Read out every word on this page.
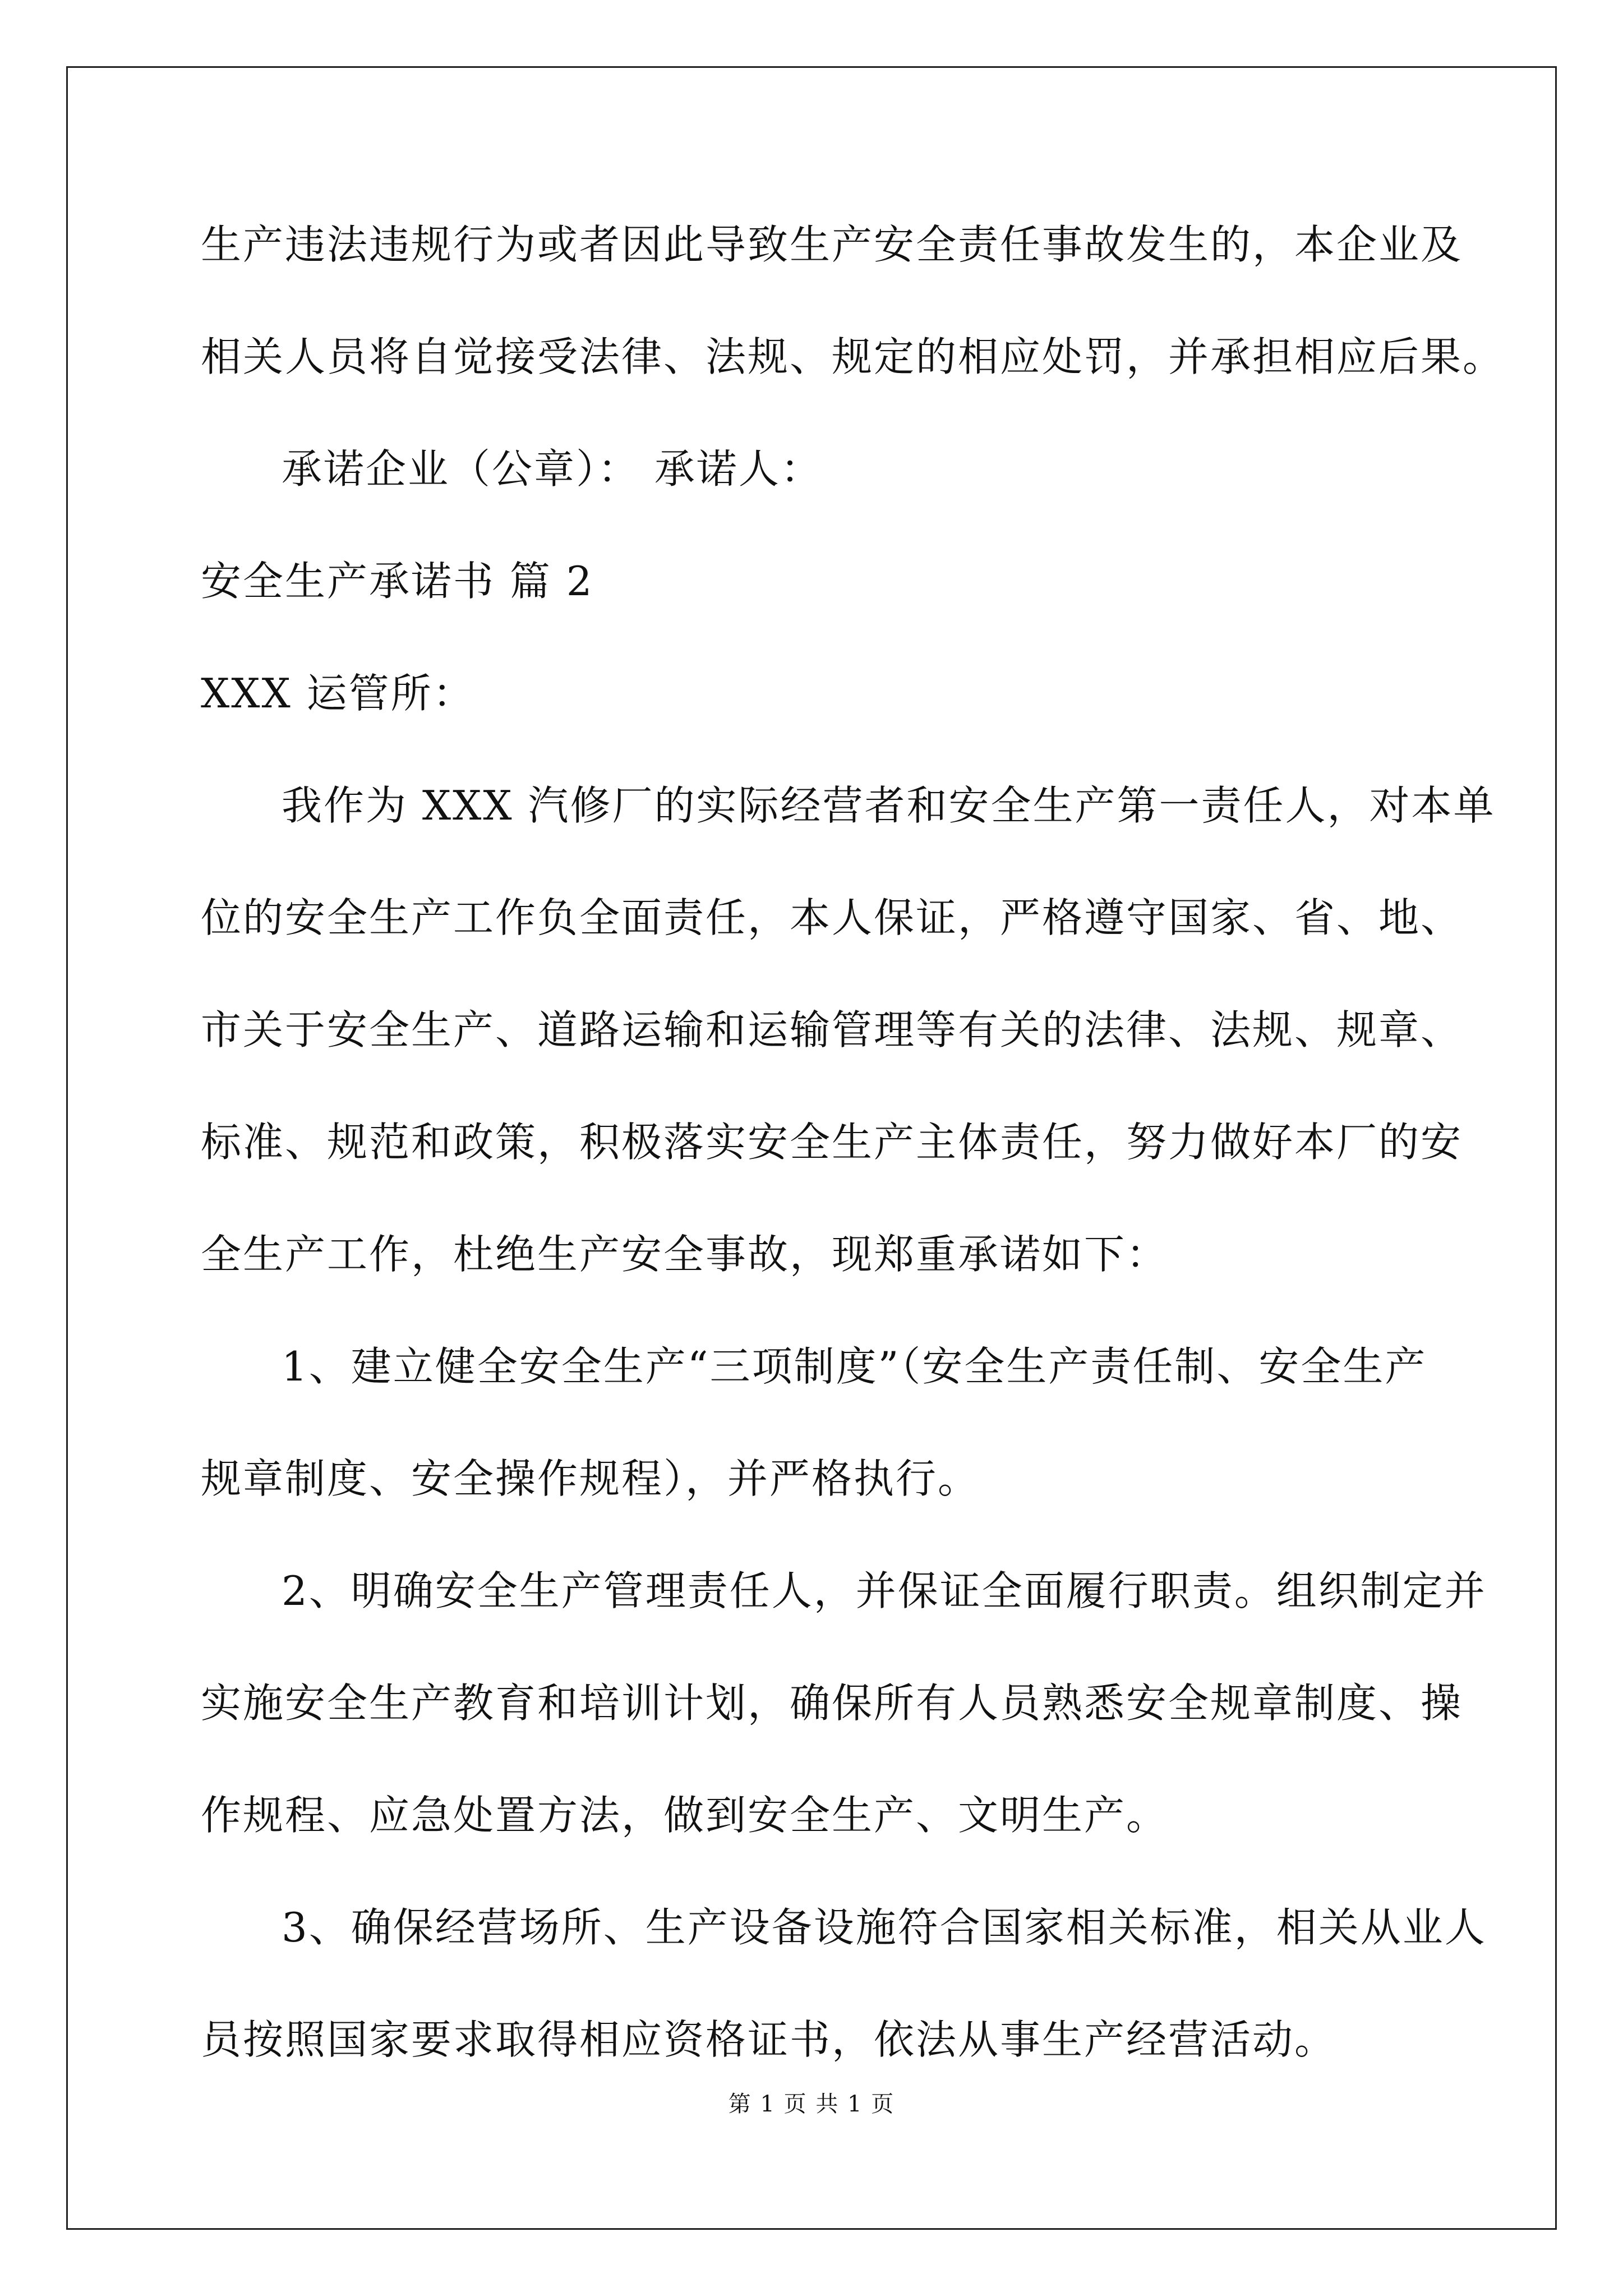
生产违法违规行为或者因此导致生产安全责任事故发生的，本企业及
相关人员将自觉接受法律、法规、规定的相应处罚，并承担相应后果。
承诺企业（公章）： 承诺人：
安全生产承诺书 篇 2
XXX 运管所：
我作为 XXX 汽修厂的实际经营者和安全生产第一责任人，对本单
位的安全生产工作负全面责任，本人保证，严格遵守国家、省、地、
市关于安全生产、道路运输和运输管理等有关的法律、法规、规章、
标准、规范和政策，积极落实安全生产主体责任，努力做好本厂的安
全生产工作，杜绝生产安全事故，现郑重承诺如下：
1、建立健全安全生产“三项制度”（安全生产责任制、安全生产
规章制度、安全操作规程），并严格执行。
2、明确安全生产管理责任人，并保证全面履行职责。组织制定并
实施安全生产教育和培训计划，确保所有人员熟悉安全规章制度、操
作规程、应急处置方法，做到安全生产、文明生产。
3、确保经营场所、生产设备设施符合国家相关标准，相关从业人
员按照国家要求取得相应资格证书，依法从事生产经营活动。
第 1 页 共 1 页
